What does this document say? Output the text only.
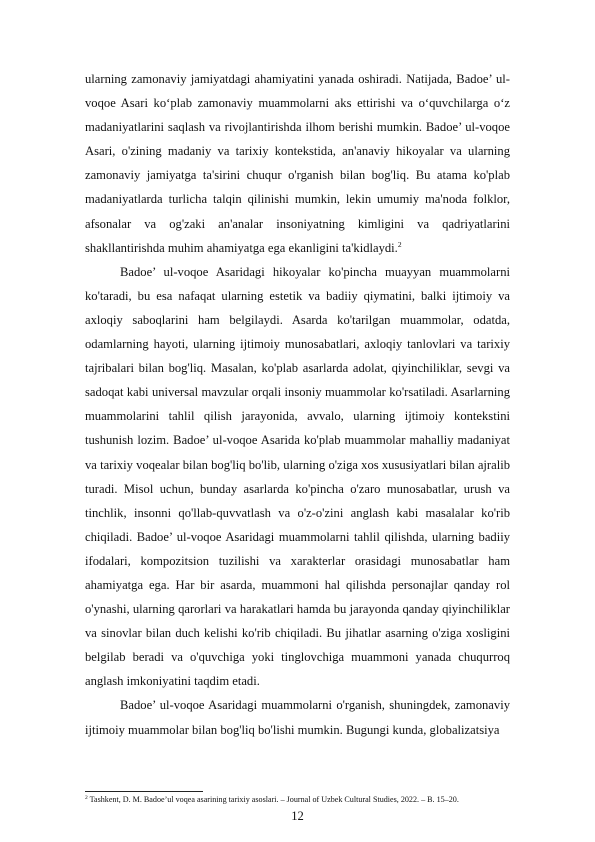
ularning zamonaviy jamiyatdagi ahamiyatini yanada oshiradi. Natijada, Badoe’ ul-voqoe Asari ko‘plab zamonaviy muammolarni aks ettirishi va o‘quvchilarga o‘z madaniyatlarini saqlash va rivojlantirishda ilhom berishi mumkin. Badoe’ ul-voqoe Asari, o'zining madaniy va tarixiy kontekstida, an'anaviy hikoyalar va ularning zamonaviy jamiyatga ta'sirini chuqur o'rganish bilan bog'liq. Bu atama ko'plab madaniyatlarda turlicha talqin qilinishi mumkin, lekin umumiy ma'noda folklor, afsonalar va og'zaki an'analar insoniyatning kimligini va qadriyatlarini shakllantirishda muhim ahamiyatga ega ekanligini ta'kidlaydi.$^2$

Badoe’ ul-voqoe Asaridagi hikoyalar ko'pincha muayyan muammolarni ko'taradi, bu esa nafaqat ularning estetik va badiiy qiymatini, balki ijtimoiy va axloqiy saboqlarini ham belgilaydi. Asarda ko'tarilgan muammolar, odatda, odamlarning hayoti, ularning ijtimoiy munosabatlari, axloqiy tanlovlari va tarixiy tajribalari bilan bog'liq. Masalan, ko'plab asarlarda adolat, qiyinchiliklar, sevgi va sadoqat kabi universal mavzular orqali insoniy muammolar ko'rsatiladi. Asarlarning muammolarini tahlil qilish jarayonida, avvalo, ularning ijtimoiy kontekstini tushunish lozim. Badoe’ ul-voqoe Asarida ko'plab muammolar mahalliy madaniyat va tarixiy voqealar bilan bog'liq bo'lib, ularning o'ziga xos xususiyatlari bilan ajralib turadi. Misol uchun, bunday asarlarda ko'pincha o'zaro munosabatlar, urush va tinchlik, insonni qo'llab-quvvatlash va o'z-o'zini anglash kabi masalalar ko'rib chiqiladi. Badoe’ ul-voqoe Asaridagi muammolarni tahlil qilishda, ularning badiiy ifodalari, kompozitsion tuzilishi va xarakterlar orasidagi munosabatlar ham ahamiyatga ega. Har bir asarda, muammoni hal qilishda personajlar qanday rol o'ynashi, ularning qarorlari va harakatlari hamda bu jarayonda qanday qiyinchiliklar va sinovlar bilan duch kelishi ko'rib chiqiladi. Bu jihatlar asarning o'ziga xosligini belgilab beradi va o'quvchiga yoki tinglovchiga muammoni yanada chuqurroq anglash imkoniyatini taqdim etadi.

Badoe’ ul-voqoe Asaridagi muammolarni o'rganish, shuningdek, zamonaviy ijtimoiy muammolar bilan bog'liq bo'lishi mumkin. Bugungi kunda, globalizatsiya

$^2$ Tashkent, D. M. Badoe’ul voqea asarining tarixiy asoslari. – Journal of Uzbek Cultural Studies, 2022. – B. 15–20.
12
